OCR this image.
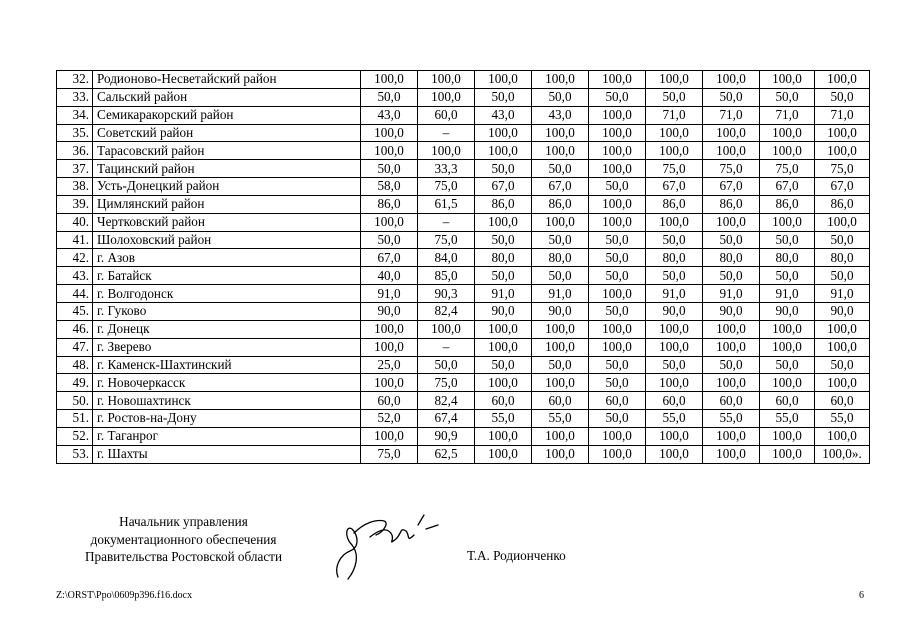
32.	Родионово-Несветайский район	100,0	100,0	100,0	100,0	100,0	100,0	100,0	100,0	100,0
33.	Сальский район	50,0	100,0	50,0	50,0	50,0	50,0	50,0	50,0	50,0
34.	Семикаракорский район	43,0	60,0	43,0	43,0	100,0	71,0	71,0	71,0	71,0
35.	Советский район	100,0	–	100,0	100,0	100,0	100,0	100,0	100,0	100,0
36.	Тарасовский район	100,0	100,0	100,0	100,0	100,0	100,0	100,0	100,0	100,0
37.	Тацинский район	50,0	33,3	50,0	50,0	100,0	75,0	75,0	75,0	75,0
38.	Усть-Донецкий район	58,0	75,0	67,0	67,0	50,0	67,0	67,0	67,0	67,0
39.	Цимлянский район	86,0	61,5	86,0	86,0	100,0	86,0	86,0	86,0	86,0
40.	Чертковский район	100,0	–	100,0	100,0	100,0	100,0	100,0	100,0	100,0
41.	Шолоховский район	50,0	75,0	50,0	50,0	50,0	50,0	50,0	50,0	50,0
42.	г. Азов	67,0	84,0	80,0	80,0	50,0	80,0	80,0	80,0	80,0
43.	г. Батайск	40,0	85,0	50,0	50,0	50,0	50,0	50,0	50,0	50,0
44.	г. Волгодонск	91,0	90,3	91,0	91,0	100,0	91,0	91,0	91,0	91,0
45.	г. Гуково	90,0	82,4	90,0	90,0	50,0	90,0	90,0	90,0	90,0
46.	г. Донецк	100,0	100,0	100,0	100,0	100,0	100,0	100,0	100,0	100,0
47.	г. Зверево	100,0	–	100,0	100,0	100,0	100,0	100,0	100,0	100,0
48.	г. Каменск-Шахтинский	25,0	50,0	50,0	50,0	50,0	50,0	50,0	50,0	50,0
49.	г. Новочеркасск	100,0	75,0	100,0	100,0	50,0	100,0	100,0	100,0	100,0
50.	г. Новошахтинск	60,0	82,4	60,0	60,0	60,0	60,0	60,0	60,0	60,0
51.	г. Ростов-на-Дону	52,0	67,4	55,0	55,0	50,0	55,0	55,0	55,0	55,0
52.	г. Таганрог	100,0	90,9	100,0	100,0	100,0	100,0	100,0	100,0	100,0
53.	г. Шахты	75,0	62,5	100,0	100,0	100,0	100,0	100,0	100,0	100,0».
Начальник управления
документационного обеспечения
Правительства Ростовской области	Т.А. Родионченко
Z:\ORST\Ppo\0609p396.f16.docx	6
